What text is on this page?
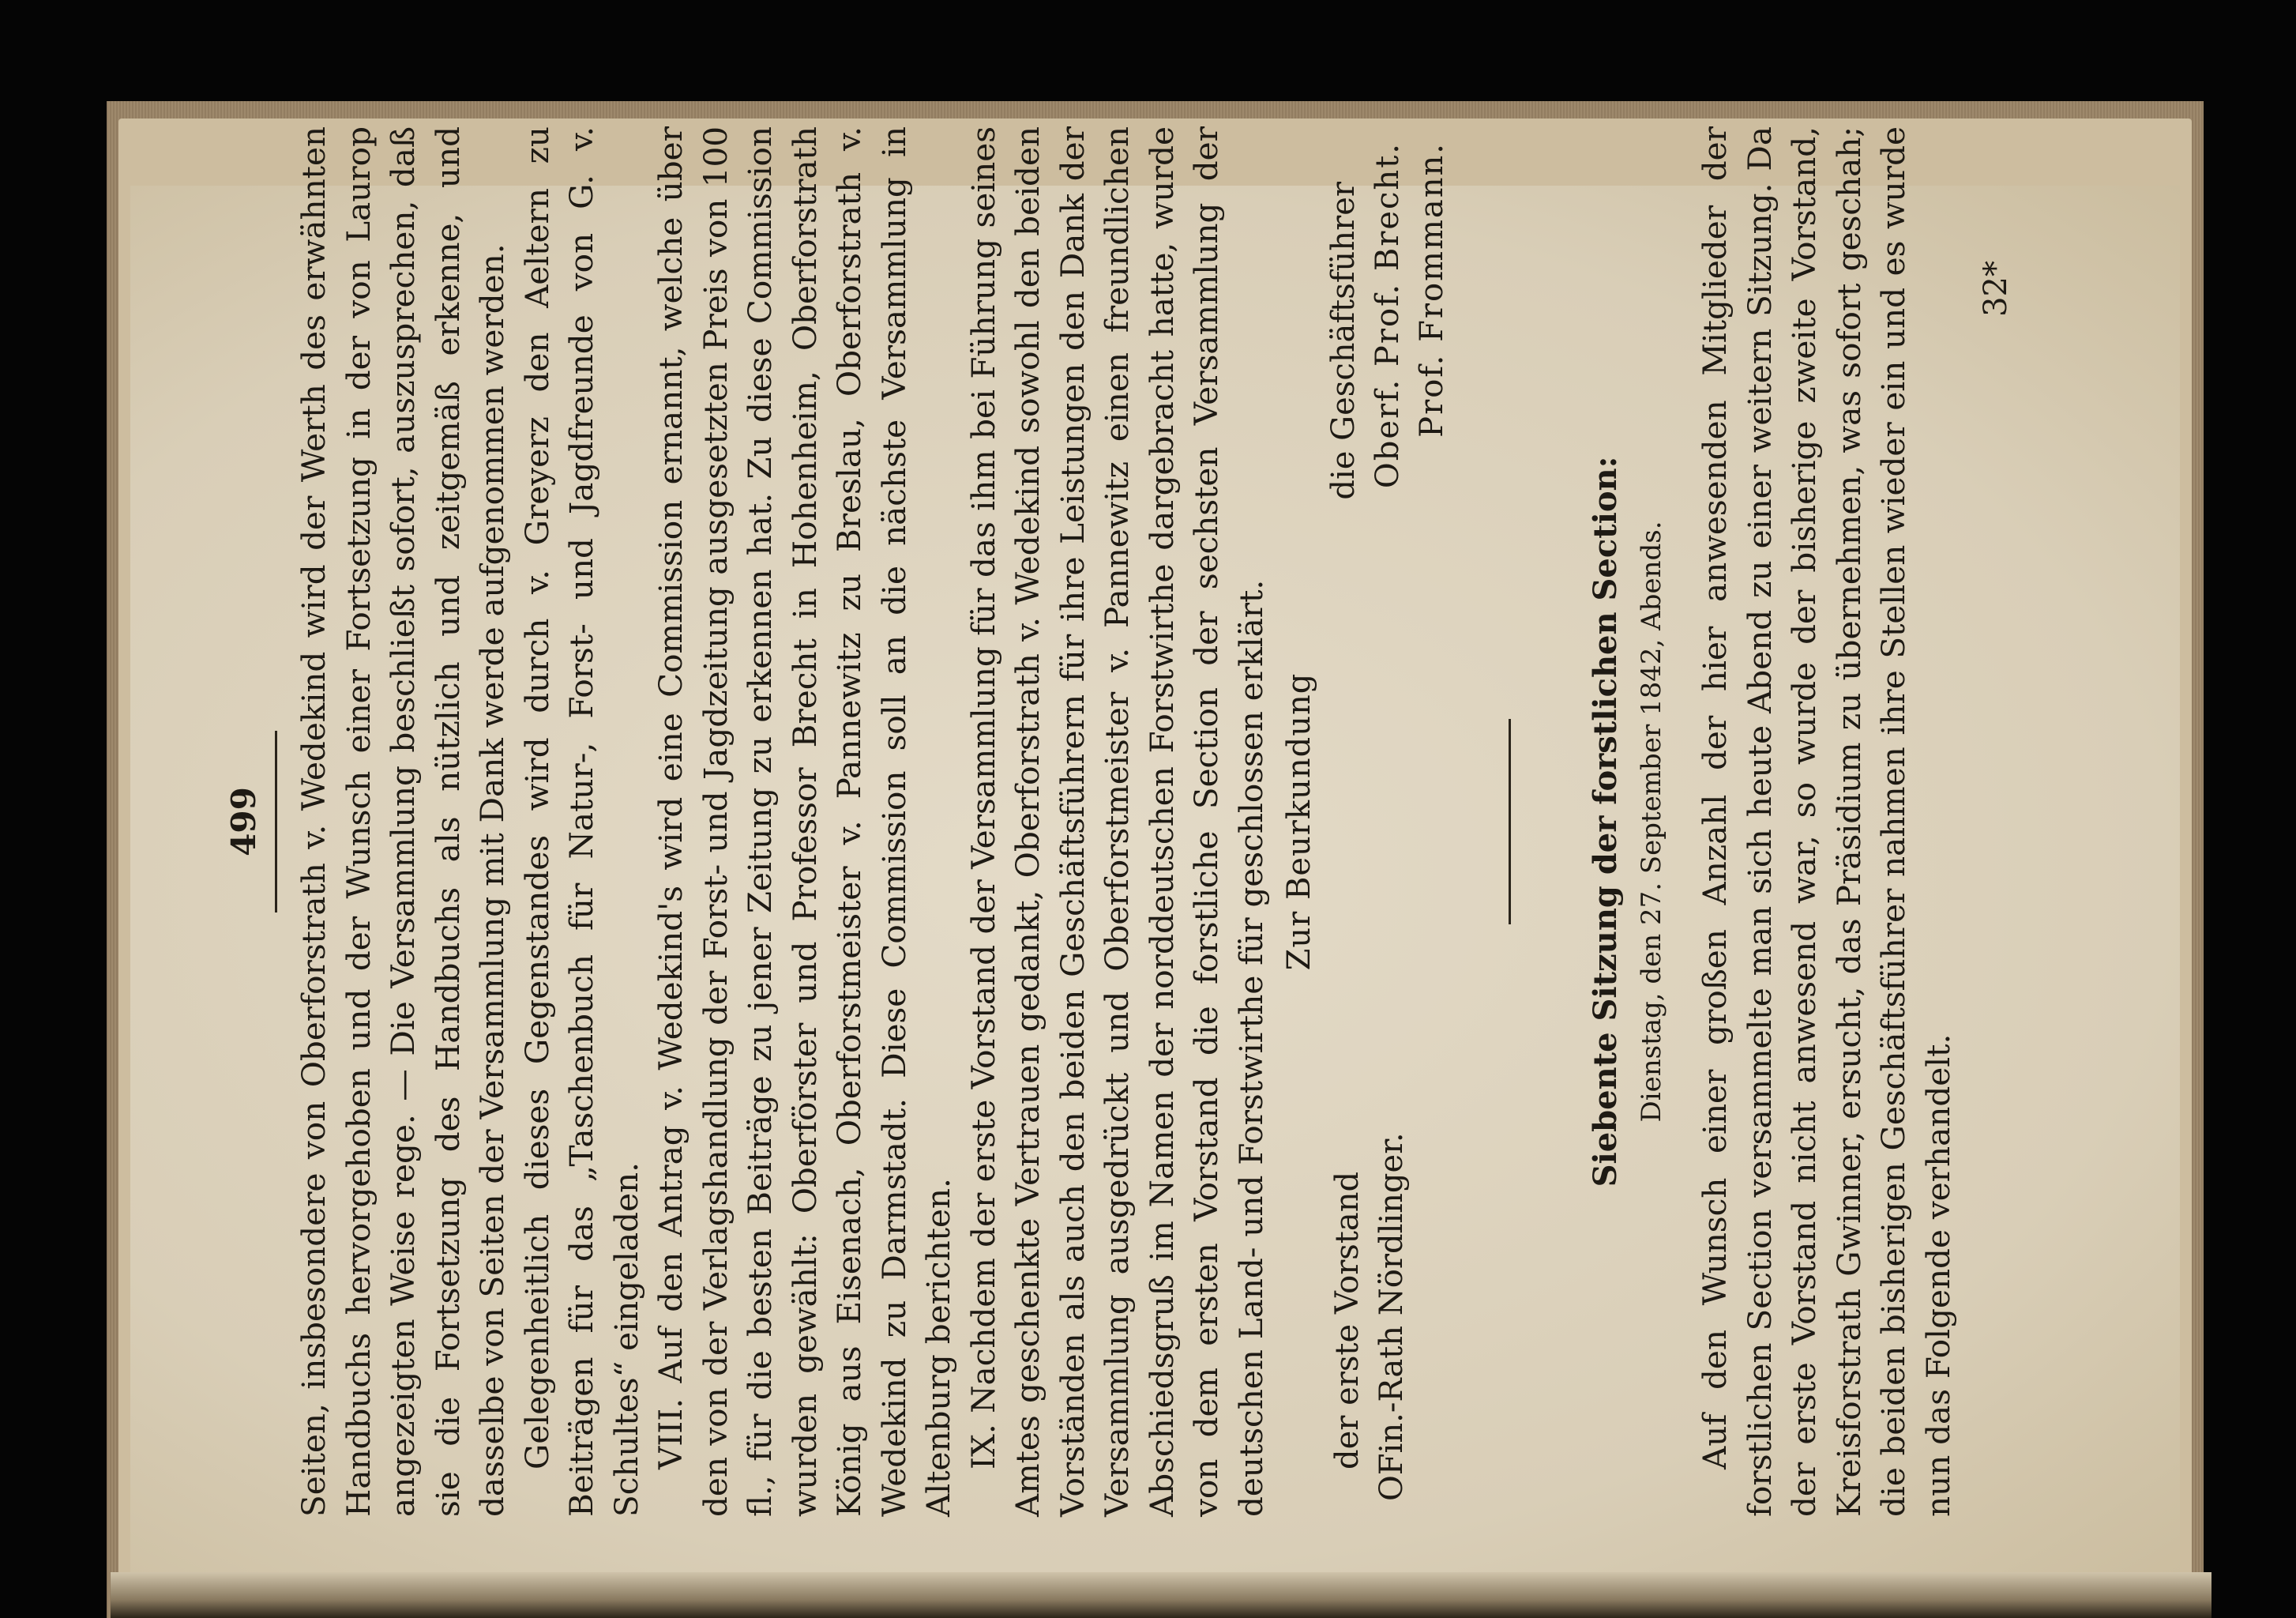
499 Seiten, insbesondere von Oberforstrath v. Wedekind wird der Werth des erwähnten Handbuchs hervorgehoben und der Wunsch einer Fortsetzung in der von Laurop angezeigten Weise rege. — Die Versammlung beschließt sofort, auszusprechen, daß sie die Fortsetzung des Handbuchs als nützlich und zeitgemäß erkenne, und dasselbe von Seiten der Versammlung mit Dank werde aufgenommen werden. Gelegenheitlich dieses Gegenstandes wird durch v. Greyerz den Aeltern zu Beiträgen für das „Taschenbuch für Natur-, Forst- und Jagdfreunde von G. v. Schultes“ eingeladen. VIII. Auf den Antrag v. Wedekind's wird eine Commission ernannt, welche über den von der Verlagshandlung der Forst- und Jagdzeitung ausgesetzten Preis von 100 fl., für die besten Beiträge zu jener Zeitung zu erkennen hat. Zu diese Commission wurden gewählt: Oberförster und Professor Brecht in Hohenheim, Oberforstrath König aus Eisenach, Oberforstmeister v. Pannewitz zu Breslau, Oberforstrath v. Wedekind zu Darmstadt. Diese Commission soll an die nächste Versammlung in Altenburg berichten. IX. Nachdem der erste Vorstand der Versammlung für das ihm bei Führung seines Amtes geschenkte Vertrauen gedankt, Oberforstrath v. Wedekind sowohl den beiden Vorständen als auch den beiden Geschäftsführern für ihre Leistungen den Dank der Versammlung ausgedrückt und Oberforstmeister v. Pannewitz einen freundlichen Abschiedsgruß im Namen der norddeutschen Forstwirthe dargebracht hatte, wurde von dem ersten Vorstand die forstliche Section der sechsten Versammlung der deutschen Land- und Forstwirthe für geschlossen erklärt. Zur Beurkundung
der erste Vorstand OFin.-Rath Nördlinger.
die Geschäftsführer Oberf. Prof. Brecht. Prof. Frommann.

Siebente Sitzung der forstlichen Section: Dienstag, den 27. September 1842, Abends. Auf den Wunsch einer großen Anzahl der hier anwesenden Mitglieder der forstlichen Section versammelte man sich heute Abend zu einer weitern Sitzung. Da der erste Vorstand nicht anwesend war, so wurde der bisherige zweite Vorstand, Kreisforstrath Gwinner, ersucht, das Präsidium zu übernehmen, was sofort geschah; die beiden bisherigen Geschäftsführer nahmen ihre Stellen wieder ein und es wurde nun das Folgende verhandelt.

32*
